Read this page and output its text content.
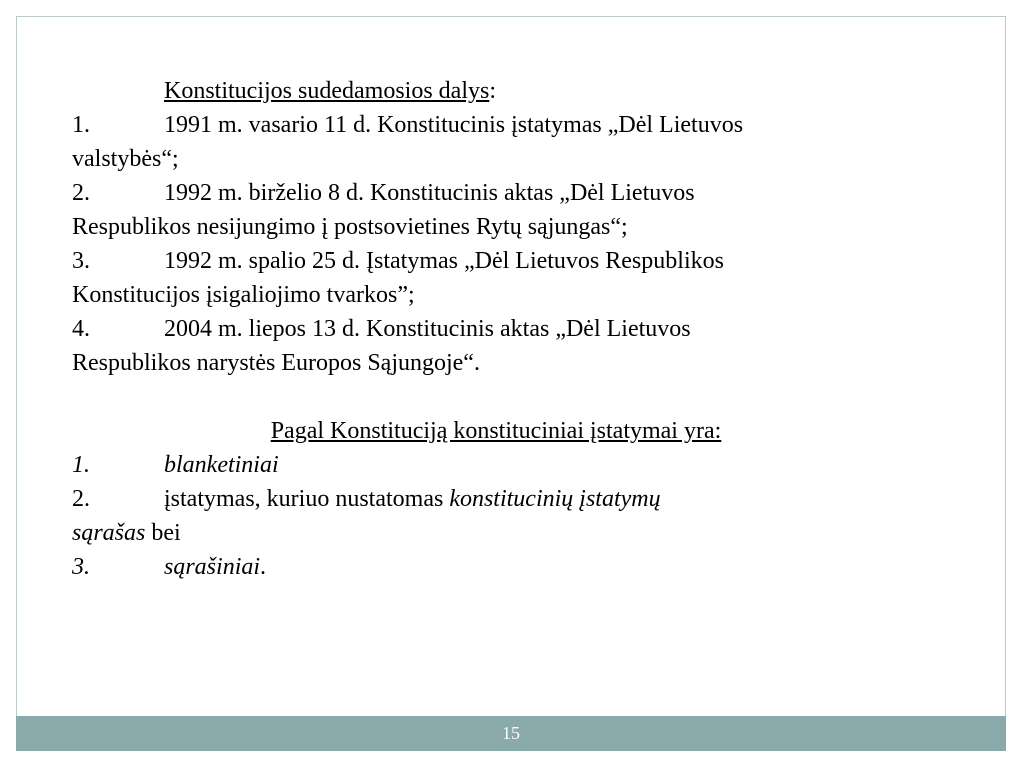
Konstitucijos sudedamosios dalys:
1.	1991 m. vasario 11 d. Konstitucinis įstatymas „Dėl Lietuvos
valstybės“;
2.	1992 m. birželio 8 d. Konstitucinis aktas „Dėl Lietuvos
Respublikos nesijungimo į postsovietines Rytų sąjungas“;
3.	1992 m. spalio 25 d. Įstatymas „Dėl Lietuvos Respublikos
Konstitucijos įsigaliojimo tvarkos”;
4.	2004 m. liepos 13 d. Konstitucinis aktas „Dėl Lietuvos
Respublikos narystės Europos Sąjungoje“.
Pagal Konstituciją konstituciniai įstatymai yra:
1.	blanketiniai
2.	įstatymas, kuriuo nustatomas konstitucinių įstatymų
sąrašas bei
3.	sąrašiniai.
15
